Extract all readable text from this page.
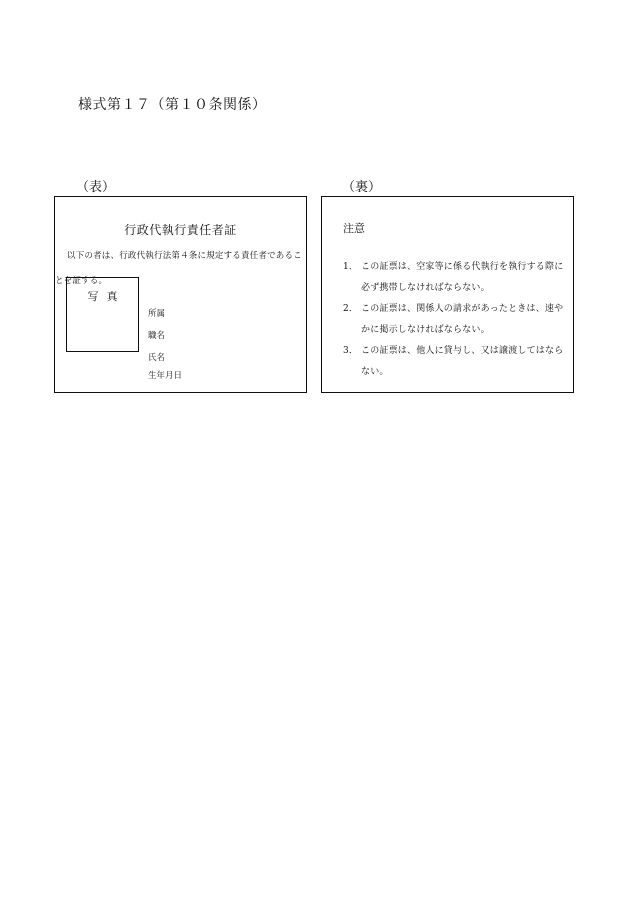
様式第１７（第１０条関係）
（表）	（裏）
行政代執行責任者証
以下の者は、行政代執行法第４条に規定する責任者であることを証する。
写真
所属
職名
氏名
生年月日
注意
1． この証票は、空家等に係る代執行を執行する際に必ず携帯しなければならない。
2． この証票は、関係人の請求があったときは、速やかに掲示しなければならない。
3． この証票は、他人に貸与し、又は譲渡してはならない。
